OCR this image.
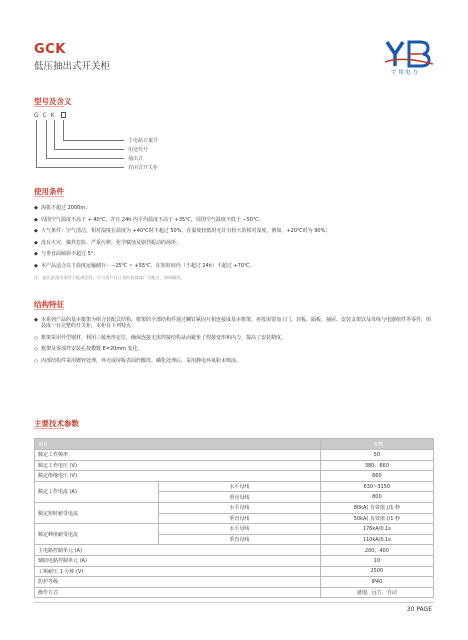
GCK
低压抽出式开关柜
宇邦电力
型号及含义
G C K
主电路方案号
用途代号
抽出式
封闭式开关柜
使用条件
◆ 海拔不超过 2000m；
◆ 周围空气温度不高于 + 40℃，并且 24h 内平均温度不高于 +35℃，周围空气温度不低于 −50℃；
◆ 大气条件：空气清洁，相对湿度在温度为 +40℃时不超过 50%，在温度较低时允许有较大的相对湿度，例如，+20℃时为 90%；
◆ 没有火灾、爆炸危险、严重污秽、化学腐蚀及剧烈振动的场所；
◆ 与垂直面倾斜不超过 5°；
◆ 本产品适合以下温度运输储存：−25℃ ~ +55℃，在短时间内（不超过 24h）不超过 +70℃。
注：超出此使用条件不能满足时，应与用户在订货时协商或广方配合、协调解决。
结构特征
◆ 本系列产品的基本框架为组合装配式结构，框架的全部结构件通过螺钉紧固互相连接成基本框架，再按需要加上门、封板、隔板、抽屉、安装支架以及母线与电器组件等零件，组装成一台完整的开关柜，本柜有下列特点：
◇ 框架采用异型钢材，利用三棱角形定位，确保连接无需焊接结构从而避免了焊接变形和内力，提高了安装精度。
◇ 框架及零部件安装孔按模数 E=20mm 变化。
◇ 内部结构件采用镀锌处理，外壳或屏板表面经酸洗、磷化处理后，采用静电环氧粉末喷涂。
主要技术参数
项目		参数
额定工作频率		50
额定工作电压 (V)		380、660
额定绝缘电压 (V)		660
额定工作电流 (A)	水平母线	630~3150
	垂直母线	800
额定短时耐受电流	水平母线	80kA( 有效值 )/1 秒
	垂直母线	50kA( 有效值 )/1 秒
额定峰值耐受电流	水平母线	176kA/0.1s
	垂直母线	110kA/0.1s
主电路控制单元 (A)		200、400
辅助电路控制单元 (A)		10
工频耐压 1 分钟 (V)		2500
防护等级		IP40
操作方式		就地、远方、自动
30 PAGE
